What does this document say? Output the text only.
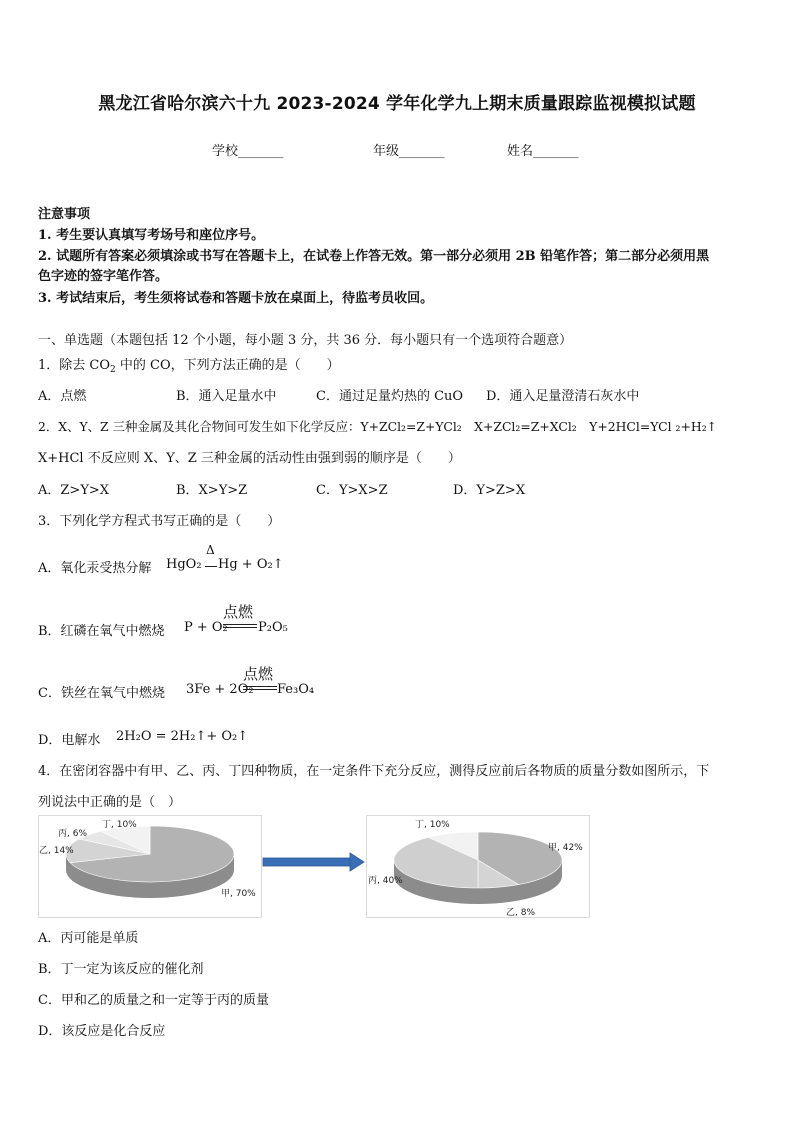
黑龙江省哈尔滨六十九 2023-2024 学年化学九上期末质量跟踪监视模拟试题
学校_______	年级_______	姓名_______
注意事项
1. 考生要认真填写考场号和座位序号。
2. 试题所有答案必须填涂或书写在答题卡上，在试卷上作答无效。第一部分必须用 2B 铅笔作答；第二部分必须用黑
色字迹的签字笔作答。
3. 考试结束后，考生须将试卷和答题卡放在桌面上，待监考员收回。
一、单选题（本题包括 12 个小题，每小题 3 分，共 36 分．每小题只有一个选项符合题意）
1．除去 $CO_2$ 中的 CO，下列方法正确的是（　　）
A．点燃	B．通入足量水中	C．通过足量灼热的 CuO D．通入足量澄清石灰水中
2．X、Y、Z 三种金属及其化合物间可发生如下化学反应：Y+ZCl₂=Z+YCl₂　X+ZCl₂=Z+XCl₂　Y+2HCl=YCl ₂+H₂↑
X+HCl 不反应则 X、Y、Z 三种金属的活动性由强到弱的顺序是（　　）
A．Z>Y>X	B．X>Y>Z	C．Y>X>Z	D．Y>Z>X
3．下列化学方程式书写正确的是（　　）
A．氧化汞受热分解 HgO₂
Δ
Hg + O₂↑
B．红磷在氧气中燃烧 P + O₂
点燃
P₂O₅
C．铁丝在氧气中燃烧 3Fe + 2O₂
点燃
Fe₃O₄
D．电解水 2H₂O = 2H₂↑+ O₂↑
4．在密闭容器中有甲、乙、丙、丁四种物质，在一定条件下充分反应，测得反应前后各物质的质量分数如图所示，下
列说法中正确的是（　）
丁, 10%
丙, 6%
乙, 14%
甲, 70%
丁, 10%
甲, 42%
丙, 40%
乙, 8%
A．丙可能是单质
B．丁一定为该反应的催化剂
C．甲和乙的质量之和一定等于丙的质量
D．该反应是化合反应
